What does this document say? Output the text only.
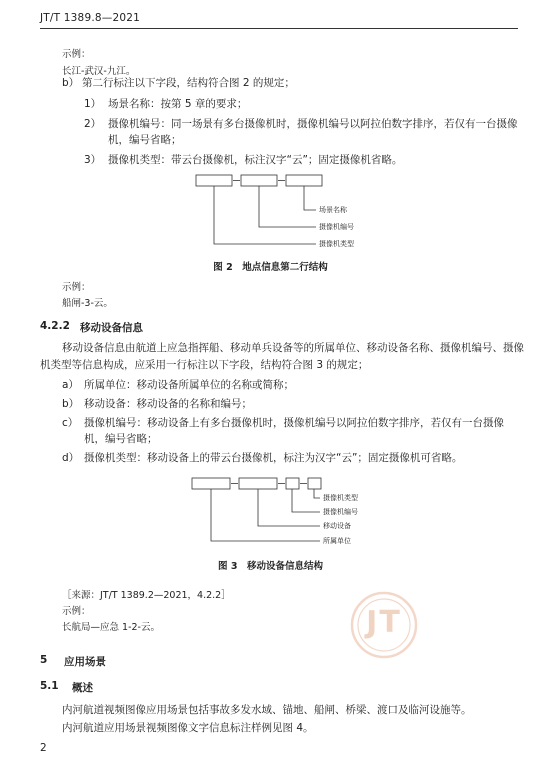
JT/T 1389.8—2021
示例：
长江-武汉-九江。
b） 第二行标注以下字段，结构符合图 2 的规定；
1） 场景名称：按第 5 章的要求；
2） 摄像机编号：同一场景有多台摄像机时，摄像机编号以阿拉伯数字排序，若仅有一台摄像
机，编号省略；
3） 摄像机类型：带云台摄像机，标注汉字“云”；固定摄像机省略。
场景名称
摄像机编号
摄像机类型
图 2　地点信息第二行结构
示例：
船闸-3-云。
4.2.2 移动设备信息
移动设备信息由航道上应急指挥船、移动单兵设备等的所属单位、移动设备名称、摄像机编号、摄像
机类型等信息构成，应采用一行标注以下字段，结构符合图 3 的规定；
a） 所属单位：移动设备所属单位的名称或简称；
b） 移动设备：移动设备的名称和编号；
c） 摄像机编号：移动设备上有多台摄像机时，摄像机编号以阿拉伯数字排序，若仅有一台摄像
机，编号省略；
d） 摄像机类型：移动设备上的带云台摄像机，标注为汉字“云”；固定摄像机可省略。
摄像机类型
摄像机编号
移动设备
所属单位
图 3　移动设备信息结构
［来源：JT/T 1389.2—2021，4.2.2］
示例：
长航局—应急 1-2-云。	JT
5 应用场景
5.1 概述
内河航道视频图像应用场景包括事故多发水域、锚地、船闸、桥梁、渡口及临河设施等。
内河航道应用场景视频图像文字信息标注样例见图 4。
2
